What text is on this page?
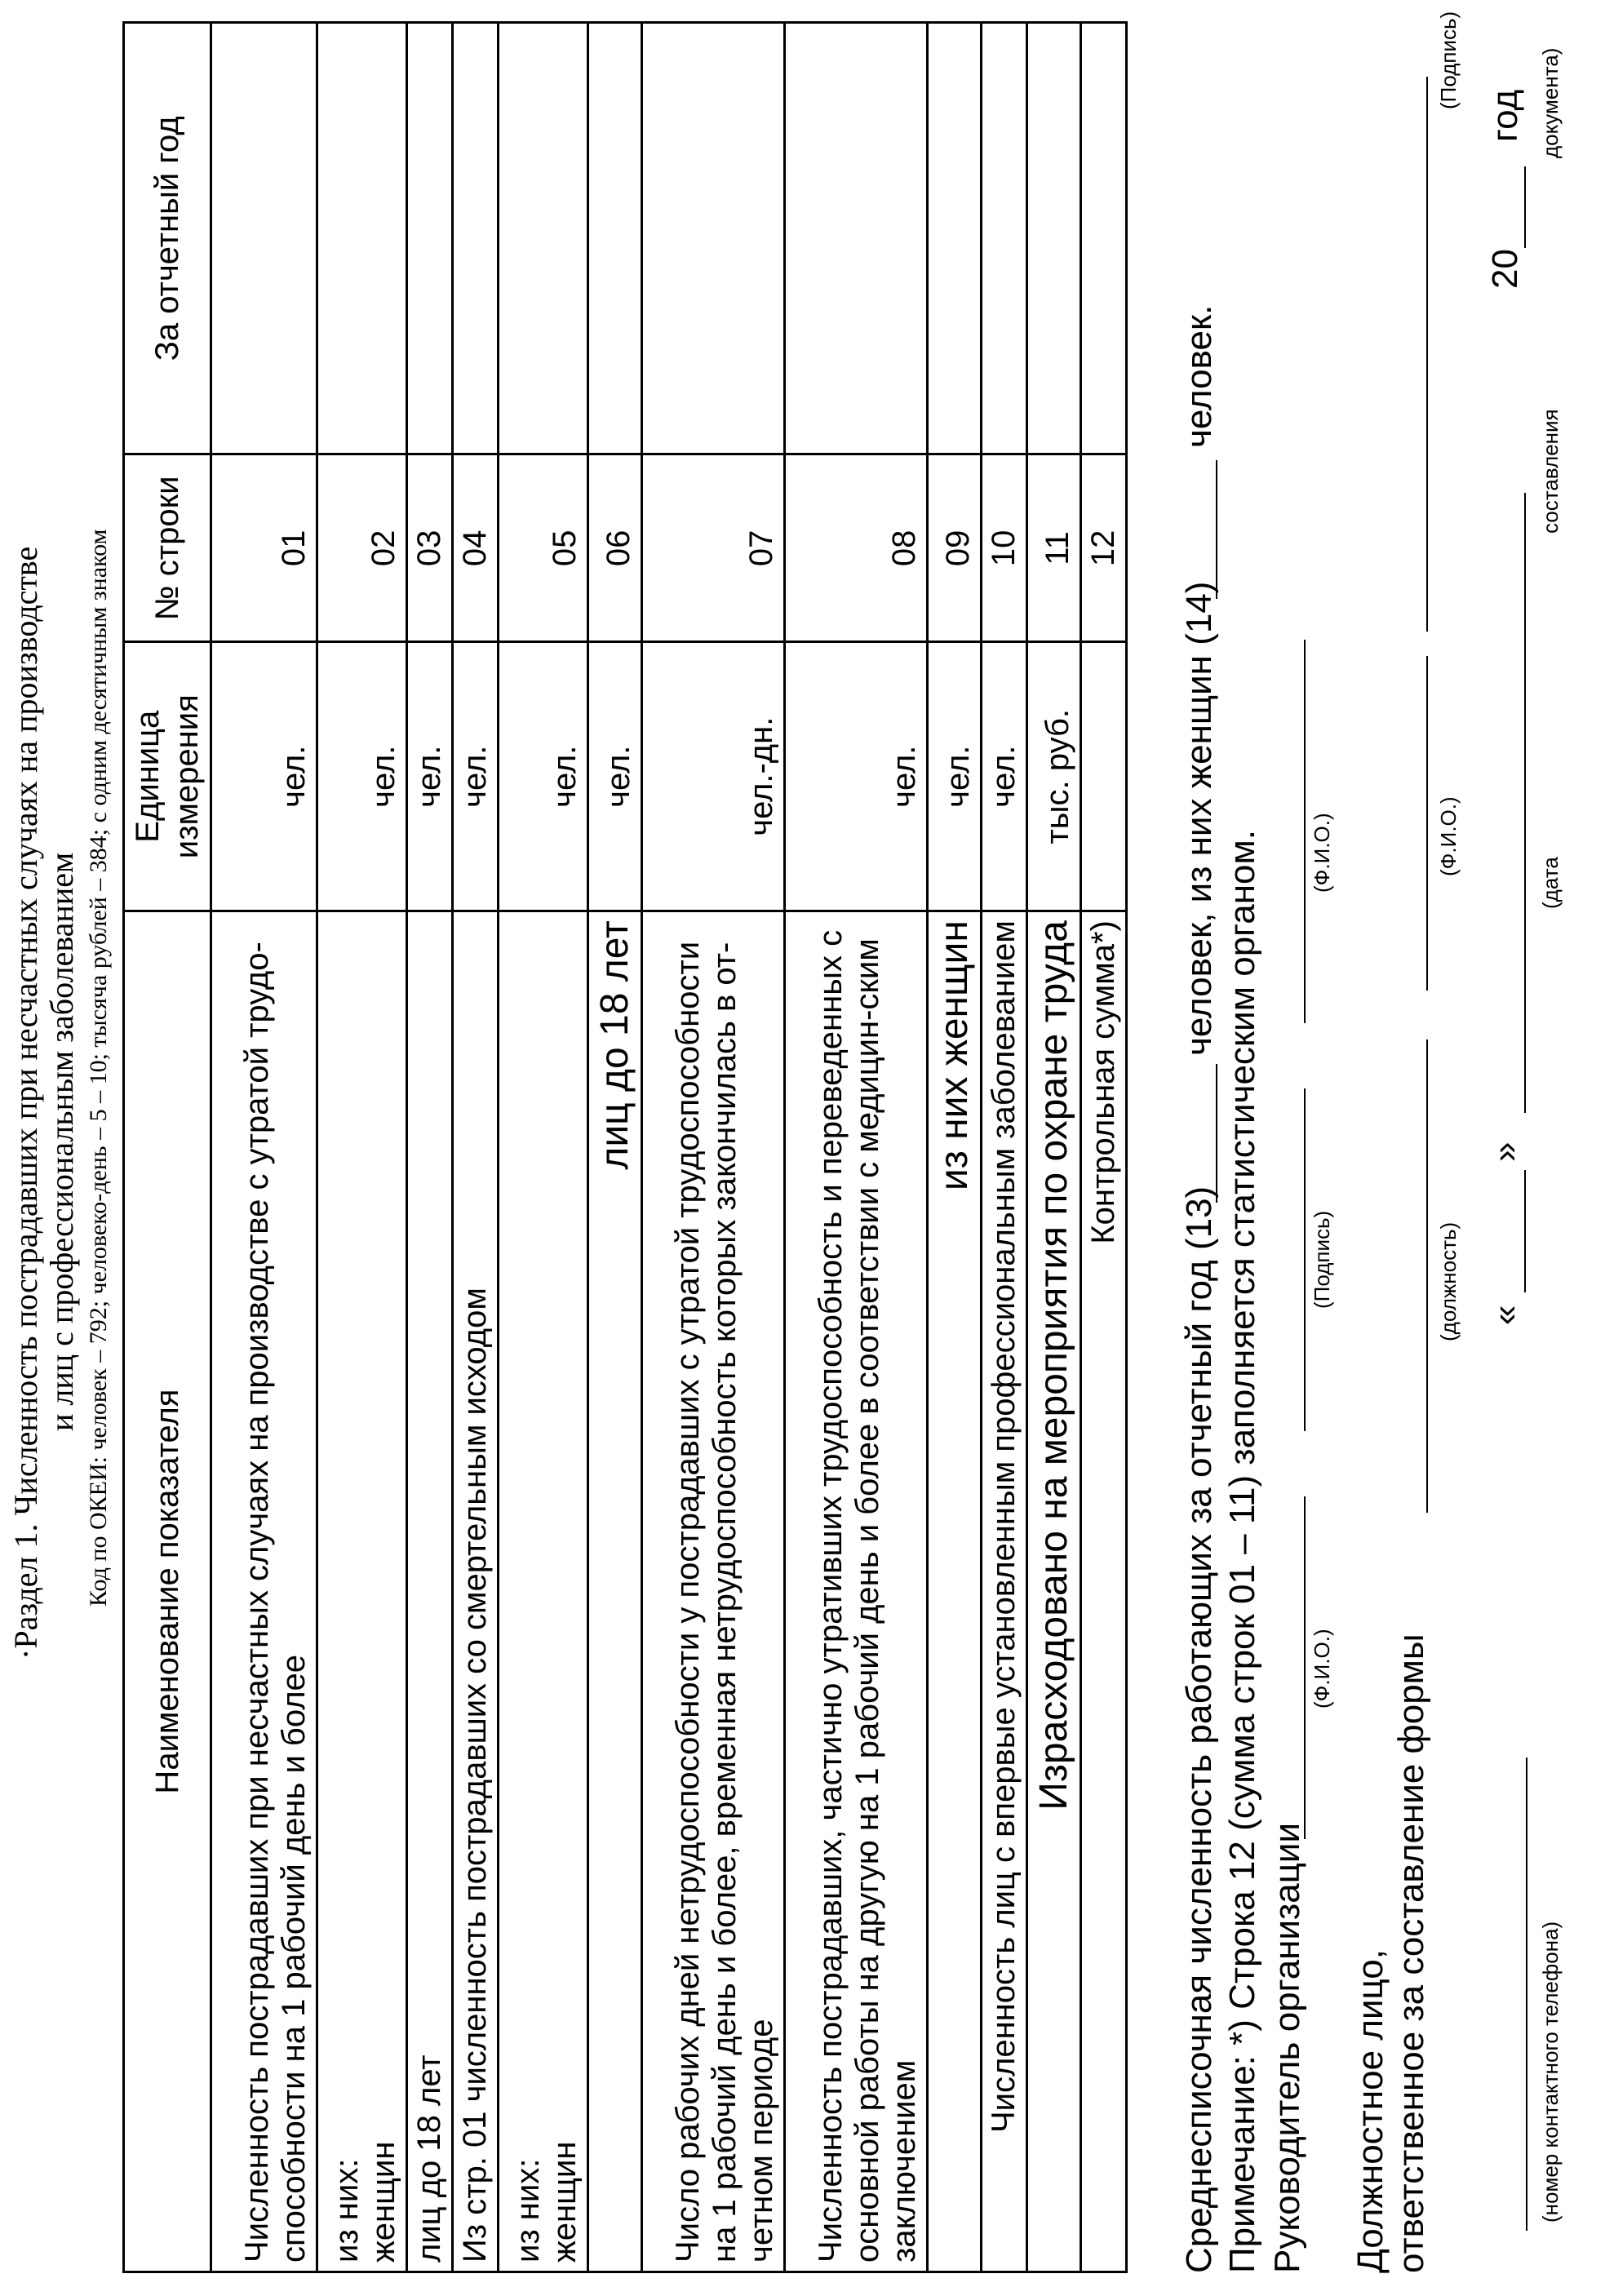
·Раздел 1. Численность пострадавших при несчастных случаях на производстве и лиц с профессиональным заболеванием Код по ОКЕИ: человек – 792; человеко-день – 5 – 10; тысяча рублей – 384; с одним десятичным знаком Наименование показателя	Единица измерения	№ строки	За отчетный год
Численность пострадавших при несчастных случаях на производстве с утратой трудо-способности на 1 рабочий день и более	чел.	01	

из них: женщин	чел.	02	
лиц до 18 лет	чел.	03	
Из стр. 01 численность пострадавших со смертельным исходом	чел.	04	

из них: женщин	чел.	05	
лиц до 18 лет	чел.	06	
Число рабочих дней нетрудоспособности у пострадавших с утратой трудоспособности на 1 рабочий день и более, временная нетрудоспособность которых закончилась в от-четном периоде	чел.-дн.	07	
Численность пострадавших, частично утративших трудоспособность и переведенных с основной работы на другую на 1 рабочий день и более в соответствии с медицин-ским заключением	чел.	08	
из них женщин	чел.	09	
Численность лиц с впервые установленным профессиональным заболеванием	чел.	10	
Израсходовано на мероприятия по охране труда	тыс. руб.	11	
Контрольная сумма*)		12	
Среднесписочная численность работающих за отчетный год (13)
человек, из них женщин (14)
человек.
Примечание: *) Строка 12 (сумма строк 01 – 11) заполняется статистическим органом. Руководитель организации
(Ф.И.О.)
(Подпись)
(Ф.И.О.)
Должностное лицо, ответственное за составление формы
(должность)
(Ф.И.О.)
(Подпись)
(номер контактного телефона)
«
»
20
год
(дата
составления
документа)
